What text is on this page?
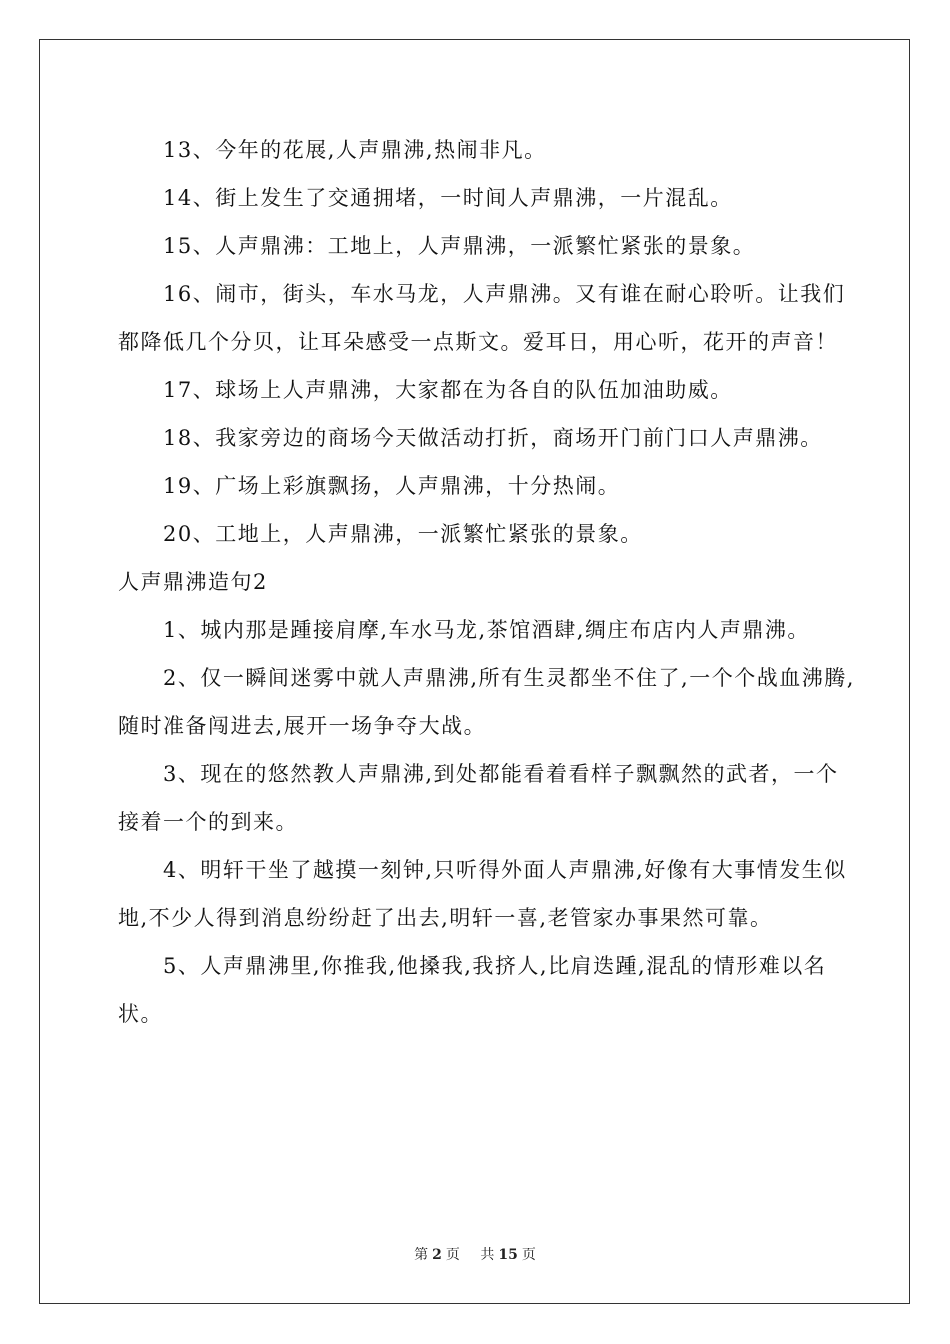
13、今年的花展,人声鼎沸,热闹非凡。

14、街上发生了交通拥堵，一时间人声鼎沸，一片混乱。

15、人声鼎沸：工地上，人声鼎沸，一派繁忙紧张的景象。

16、闹市，街头，车水马龙，人声鼎沸。又有谁在耐心聆听。让我们都降低几个分贝，让耳朵感受一点斯文。爱耳日，用心听，花开的声音！

17、球场上人声鼎沸，大家都在为各自的队伍加油助威。

18、我家旁边的商场今天做活动打折，商场开门前门口人声鼎沸。

19、广场上彩旗飘扬，人声鼎沸，十分热闹。

20、工地上，人声鼎沸，一派繁忙紧张的景象。

人声鼎沸造句2

1、城内那是踵接肩摩,车水马龙,茶馆酒肆,绸庄布店内人声鼎沸。

2、仅一瞬间迷雾中就人声鼎沸,所有生灵都坐不住了,一个个战血沸腾,随时准备闯进去,展开一场争夺大战。

3、现在的悠然教人声鼎沸,到处都能看着看样子飘飘然的武者，一个接着一个的到来。

4、明轩干坐了越摸一刻钟,只听得外面人声鼎沸,好像有大事情发生似地,不少人得到消息纷纷赶了出去,明轩一喜,老管家办事果然可靠。

5、人声鼎沸里,你推我,他搡我,我挤人,比肩迭踵,混乱的情形难以名状。

第 2 页 共 15 页
